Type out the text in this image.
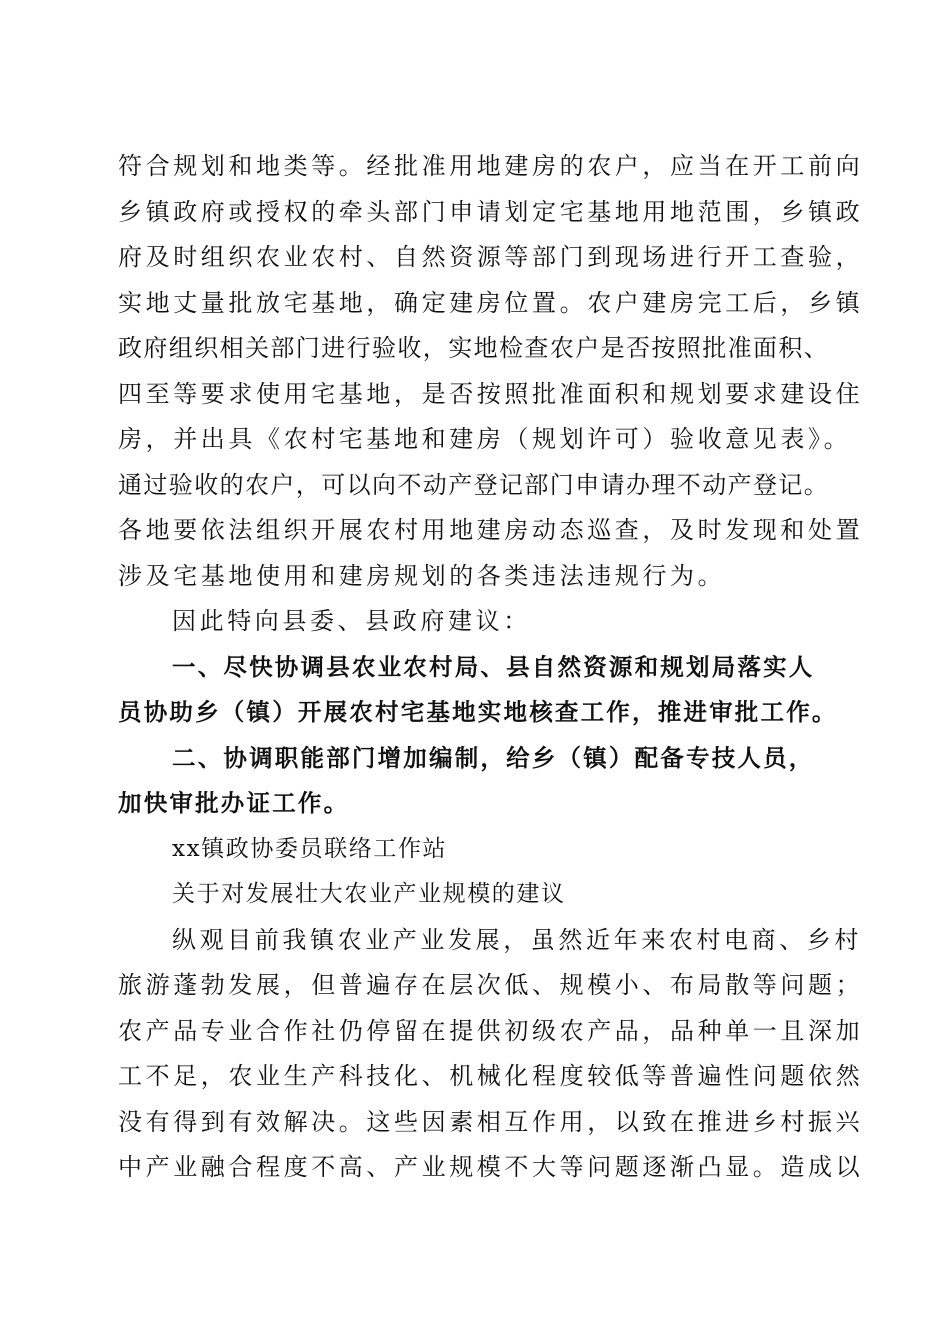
符合规划和地类等。经批准用地建房的农户，应当在开工前向
乡镇政府或授权的牵头部门申请划定宅基地用地范围，乡镇政
府及时组织农业农村、自然资源等部门到现场进行开工查验，
实地丈量批放宅基地，确定建房位置。农户建房完工后，乡镇
政府组织相关部门进行验收，实地检查农户是否按照批准面积、
四至等要求使用宅基地，是否按照批准面积和规划要求建设住
房，并出具《农村宅基地和建房（规划许可）验收意见表》。
通过验收的农户，可以向不动产登记部门申请办理不动产登记。
各地要依法组织开展农村用地建房动态巡查，及时发现和处置
涉及宅基地使用和建房规划的各类违法违规行为。
因此特向县委、县政府建议：
一、尽快协调县农业农村局、县自然资源和规划局落实人
员协助乡（镇）开展农村宅基地实地核查工作，推进审批工作。
二、协调职能部门增加编制，给乡（镇）配备专技人员，
加快审批办证工作。
xx镇政协委员联络工作站
关于对发展壮大农业产业规模的建议
纵观目前我镇农业产业发展，虽然近年来农村电商、乡村
旅游蓬勃发展，但普遍存在层次低、规模小、布局散等问题；
农产品专业合作社仍停留在提供初级农产品，品种单一且深加
工不足，农业生产科技化、机械化程度较低等普遍性问题依然
没有得到有效解决。这些因素相互作用，以致在推进乡村振兴
中产业融合程度不高、产业规模不大等问题逐渐凸显。造成以
